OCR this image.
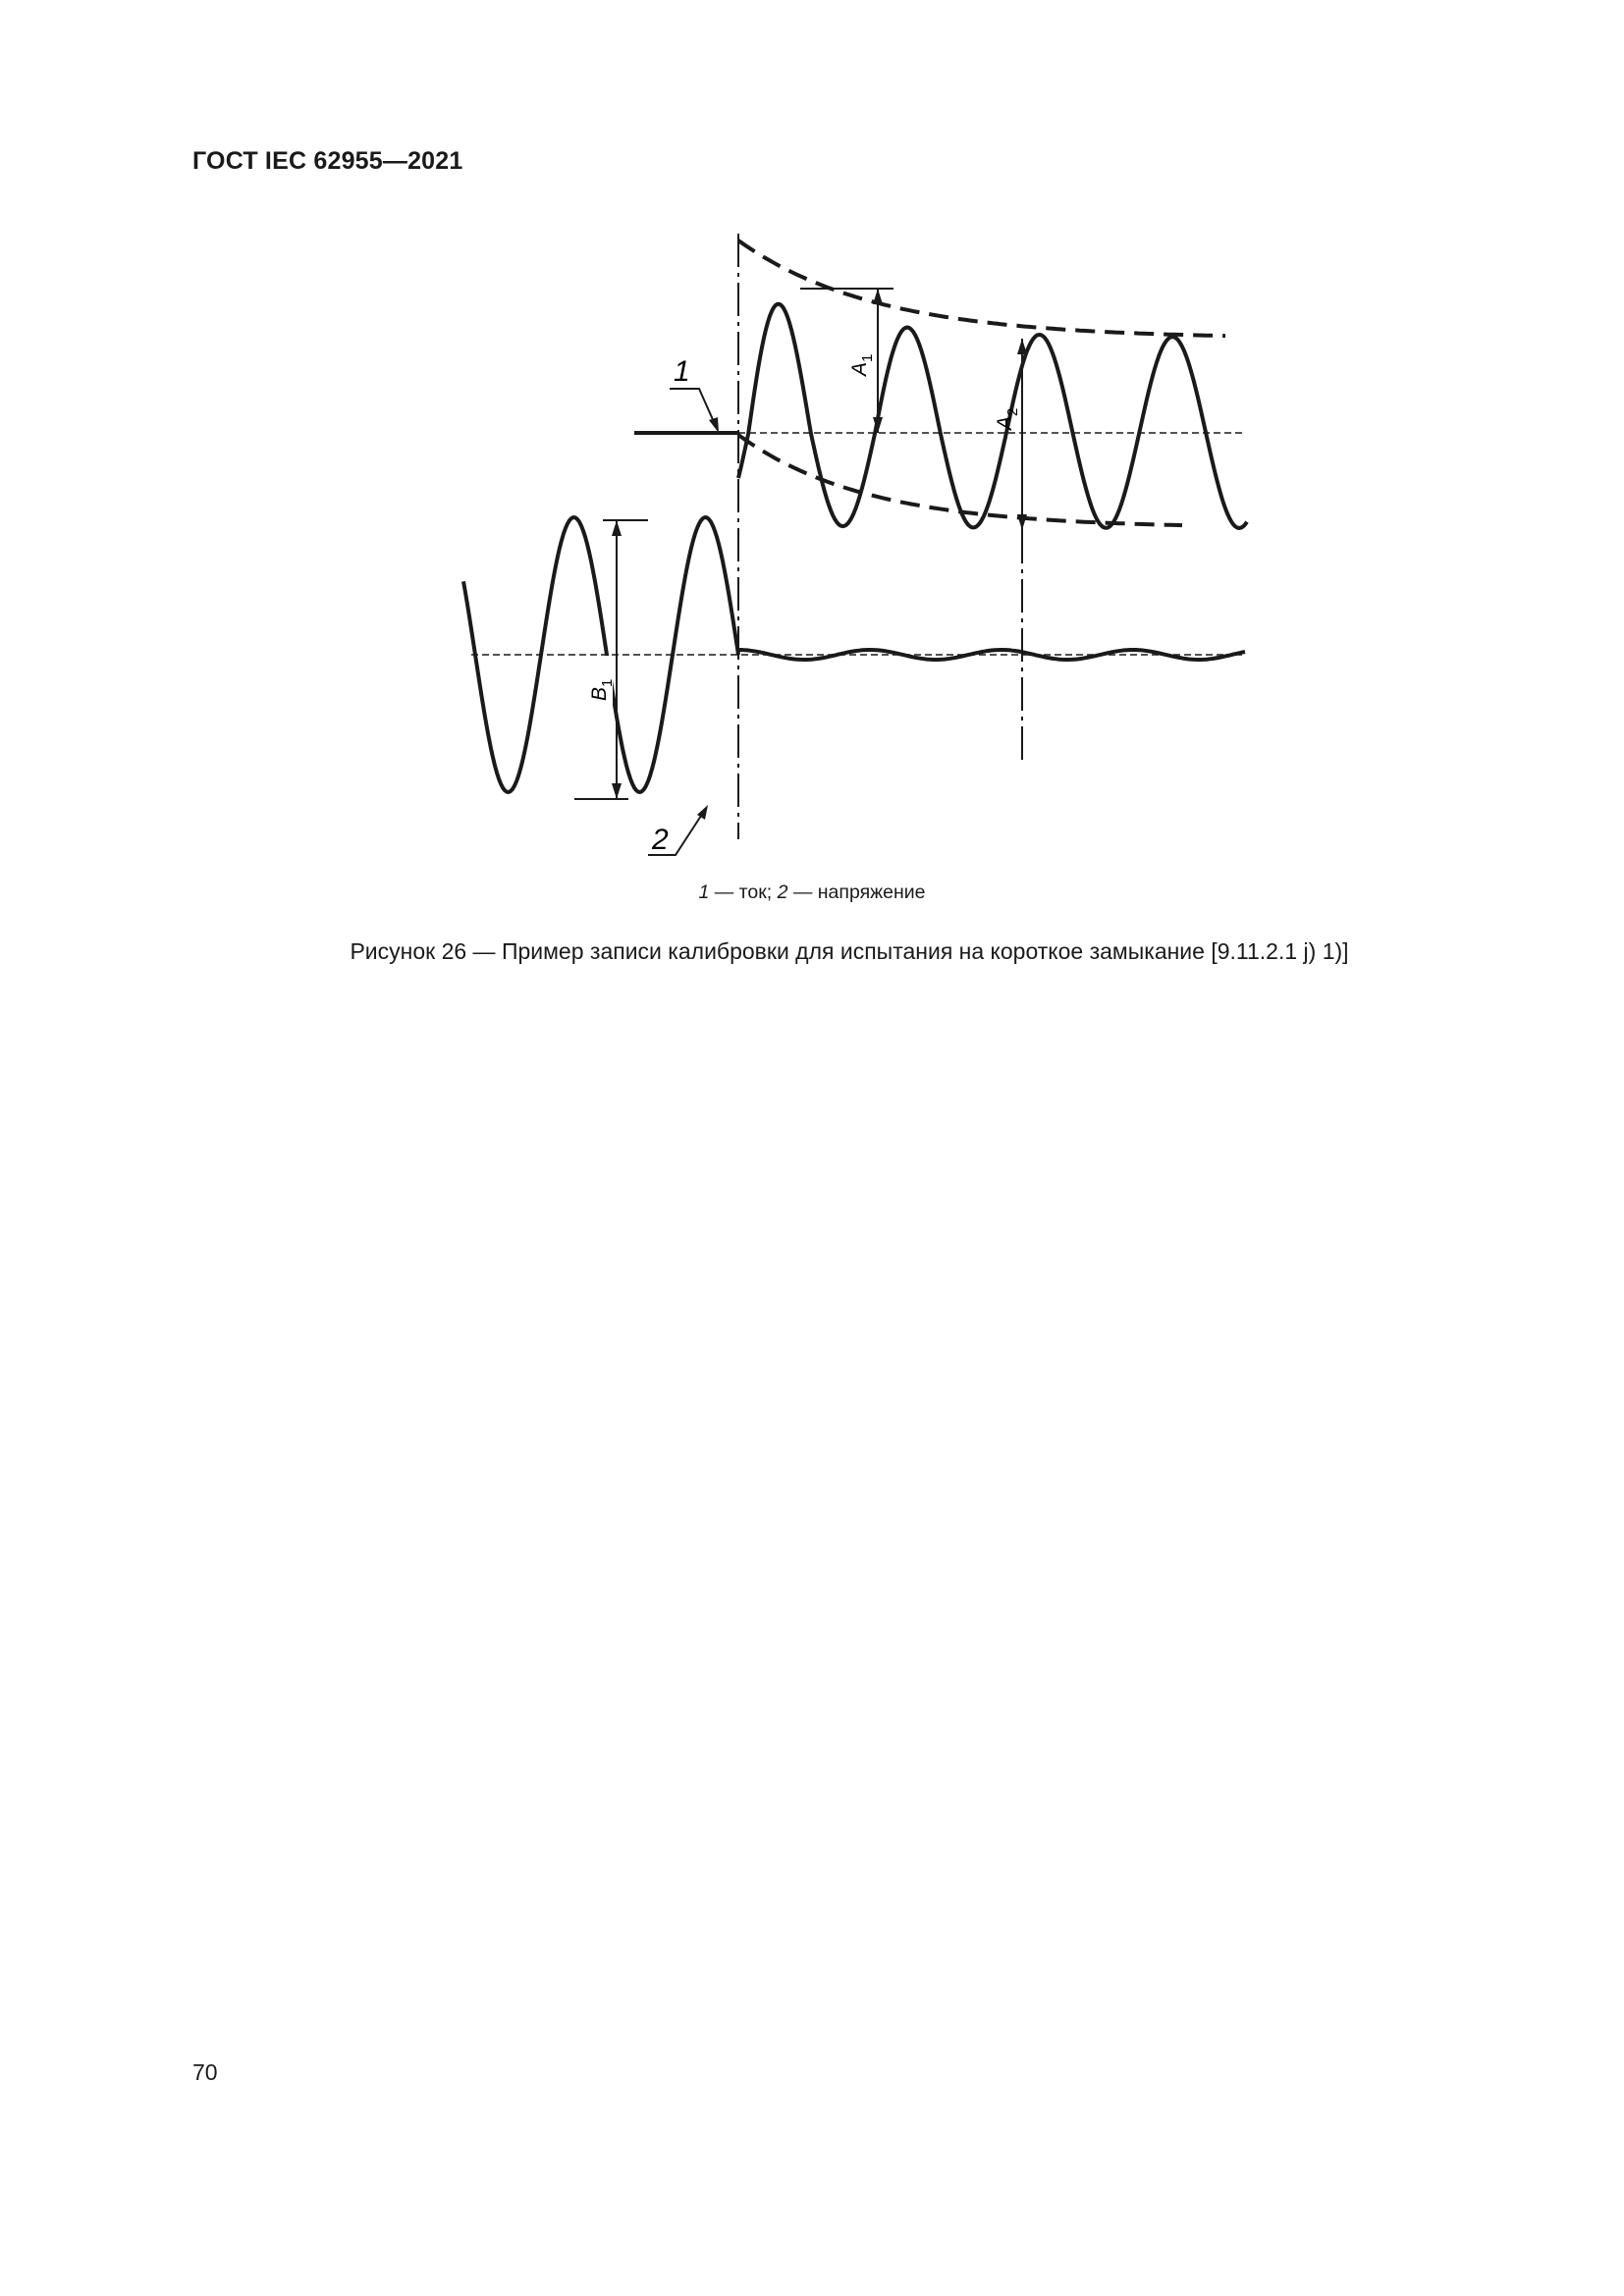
ГОСТ IEC 62955—2021
$A_1$
$A_2$
$B_1$
1
2
1 — ток; 2 — напряжение
Рисунок 26 — Пример записи калибровки для испытания на короткое замыкание [9.11.2.1 j) 1)]
70
